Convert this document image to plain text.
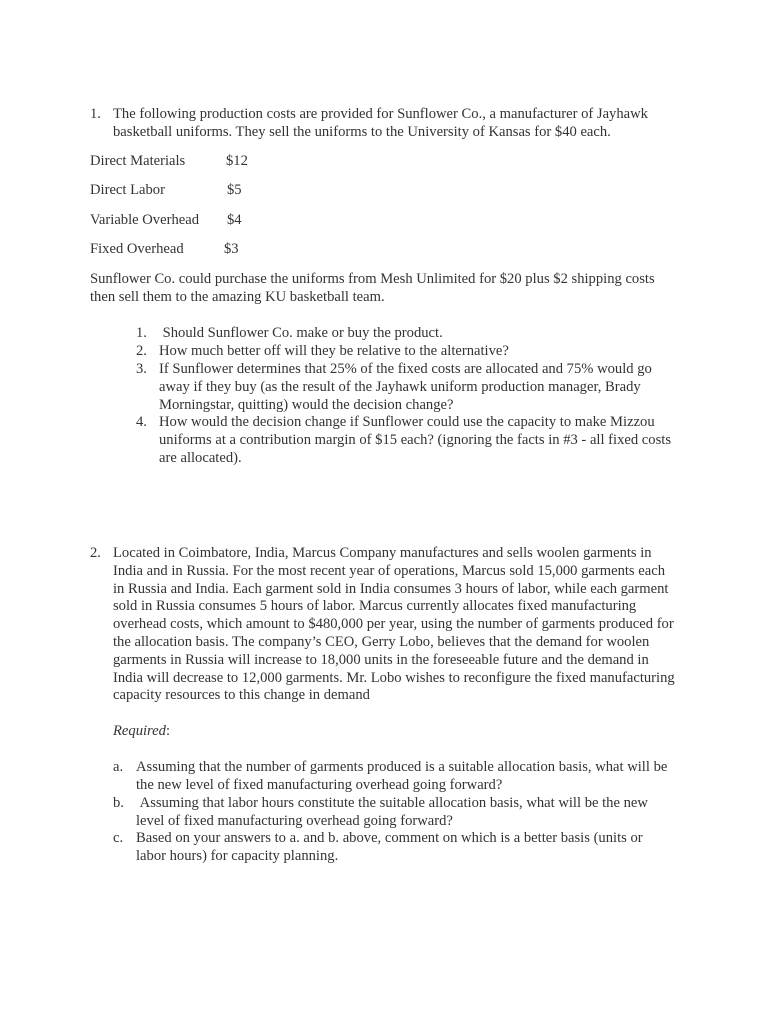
1. The following production costs are provided for Sunflower Co., a manufacturer of Jayhawk basketball uniforms. They sell the uniforms to the University of Kansas for $40 each.
Direct Materials	$12
Direct Labor	$5
Variable Overhead $4
Fixed Overhead	$3
Sunflower Co. could purchase the uniforms from Mesh Unlimited for $20 plus $2 shipping costs then sell them to the amazing KU basketball team.
1. Should Sunflower Co. make or buy the product.
2. How much better off will they be relative to the alternative?
3. If Sunflower determines that 25% of the fixed costs are allocated and 75% would go away if they buy (as the result of the Jayhawk uniform production manager, Brady Morningstar, quitting) would the decision change?
4. How would the decision change if Sunflower could use the capacity to make Mizzou uniforms at a contribution margin of $15 each? (ignoring the facts in #3 - all fixed costs are allocated).
2. Located in Coimbatore, India, Marcus Company manufactures and sells woolen garments in India and in Russia. For the most recent year of operations, Marcus sold 15,000 garments each in Russia and India. Each garment sold in India consumes 3 hours of labor, while each garment sold in Russia consumes 5 hours of labor. Marcus currently allocates fixed manufacturing overhead costs, which amount to $480,000 per year, using the number of garments produced for the allocation basis. The company’s CEO, Gerry Lobo, believes that the demand for woolen garments in Russia will increase to 18,000 units in the foreseeable future and the demand in India will decrease to 12,000 garments. Mr. Lobo wishes to reconfigure the fixed manufacturing capacity resources to this change in demand
Required:
a. Assuming that the number of garments produced is a suitable allocation basis, what will be the new level of fixed manufacturing overhead going forward?
b. Assuming that labor hours constitute the suitable allocation basis, what will be the new level of fixed manufacturing overhead going forward?
c. Based on your answers to a. and b. above, comment on which is a better basis (units or labor hours) for capacity planning.
